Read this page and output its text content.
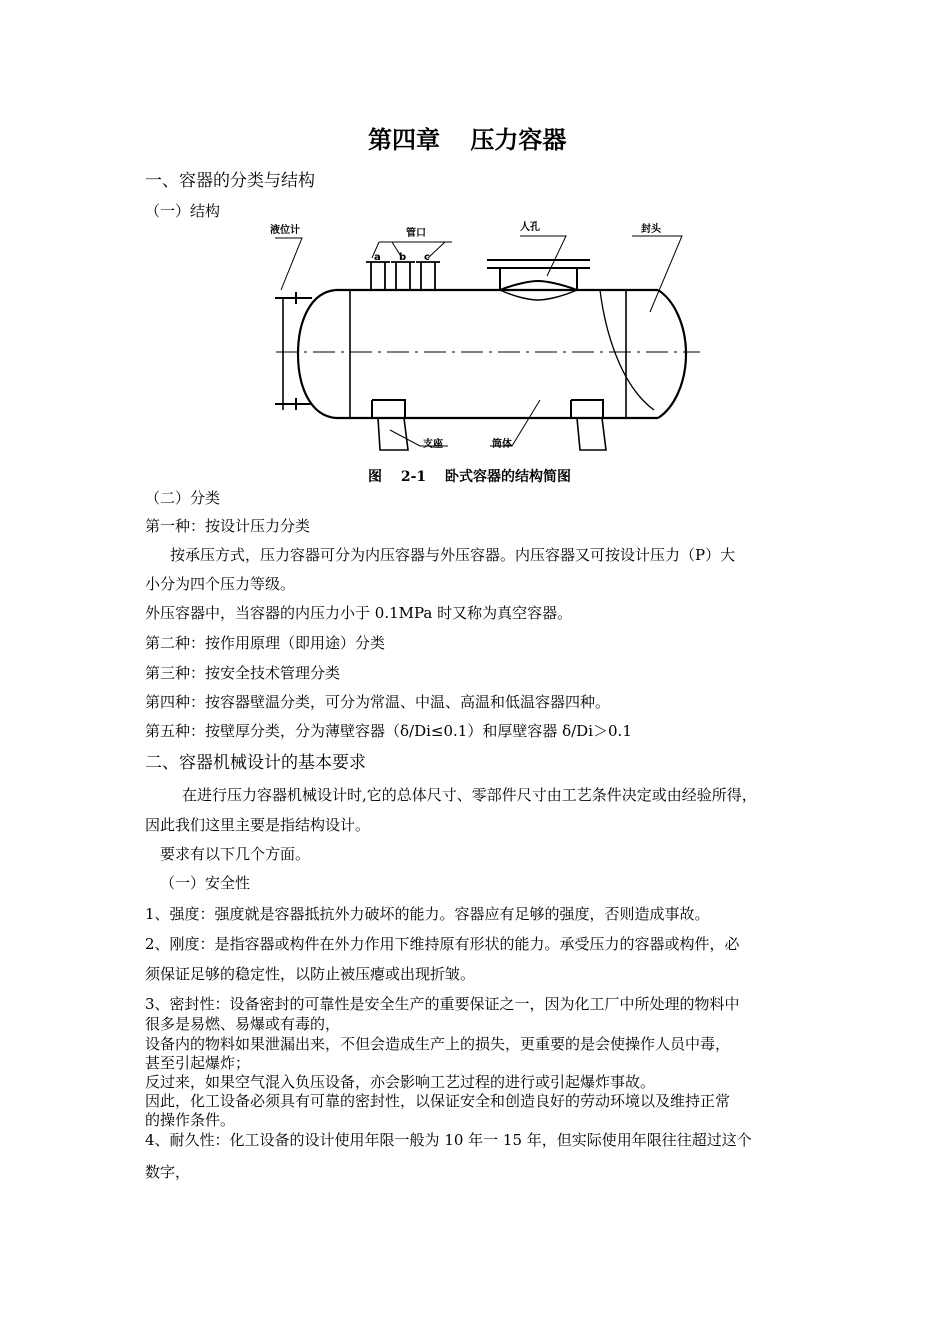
第四章 压力容器
一、容器的分类与结构
（一）结构
液位计	管口
人孔	封头
a b c
支座	筒体
图 2-1 卧式容器的结构简图
（二）分类
第一种：按设计压力分类
按承压方式，压力容器可分为内压容器与外压容器。内压容器又可按设计压力（P）大
小分为四个压力等级。
外压容器中，当容器的内压力小于 0.1MPa 时又称为真空容器。
第二种：按作用原理（即用途）分类
第三种：按安全技术管理分类
第四种：按容器壁温分类，可分为常温、中温、高温和低温容器四种。
第五种：按壁厚分类，分为薄壁容器（δ/Di≤0.1）和厚壁容器 δ/Di＞0.1
二、容器机械设计的基本要求
在进行压力容器机械设计时,它的总体尺寸、零部件尺寸由工艺条件决定或由经验所得，
因此我们这里主要是指结构设计。
要求有以下几个方面。
（一）安全性
1、强度：强度就是容器抵抗外力破坏的能力。容器应有足够的强度，否则造成事故。
2、刚度：是指容器或构件在外力作用下维持原有形状的能力。承受压力的容器或构件，必
须保证足够的稳定性，以防止被压瘪或出现折皱。
3、密封性：设备密封的可靠性是安全生产的重要保证之一，因为化工厂中所处理的物料中
很多是易燃、易爆或有毒的，
设备内的物料如果泄漏出来，不但会造成生产上的损失，更重要的是会使操作人员中毒，
甚至引起爆炸；
反过来，如果空气混入负压设备，亦会影响工艺过程的进行或引起爆炸事故。
因此，化工设备必须具有可靠的密封性，以保证安全和创造良好的劳动环境以及维持正常
的操作条件。
4、耐久性：化工设备的设计使用年限一般为 10 年一 15 年，但实际使用年限往往超过这个
数字，
